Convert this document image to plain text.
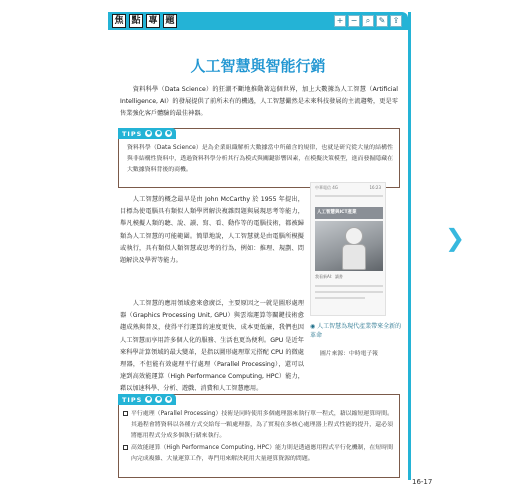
焦 點 專 題	+ −	⌕	✎ ⇪
❯
人工智慧與智能行銷

　　資料科學（Data Science）的狂潮不斷地推動著這個世界，加上大數據為人工智慧（Artificial Intelligence, AI）的發展提供了前所未有的機遇，人工智慧儼然是未來科技發展的主流趨勢，更是零售業強化客戶體驗的最佳神器。

TIPS ● ● ●

資料科學（Data Science）是為企業組織解析大數據當中所蘊含的規律，也就是研究從大量的結構性與非結構性資料中，透過資料科學分析其行為模式與關鍵影響因素，在模擬決策模型，進而發掘隱藏在大數據資料背後的商機。

　　人工智慧的概念最早是由 John McCarthy 於 1955 年提出，目標為使電腦具有類似人類學習解決複雜問題與展現思考等能力，舉凡模擬人類的聽、說、讀、寫、看、動作等的電腦技術，都被歸類為人工智慧的可能範圍。簡單地說，人工智慧就是由電腦所模擬或執行，具有類似人類智慧或思考的行為，例如：推理、規劃、問題解決及學習等能力。

　　人工智慧的應用領域愈來愈廣泛，主要原因之一就是圖形處理器（Graphics Processing Unit, GPU）與雲端運算等關鍵技術愈趨成熟與普及，使得平行運算的速度更快、成本更低廉，我們也因人工智慧而享用許多個人化的服務、生活也更為便利。GPU 是近年來科學計算領域的最大變革，是指以圖形處理單元搭配 CPU 的微處理器，不但能有效處理平行處理（Parallel Processing），還可以達到高效能運算（High Performance Computing, HPC）能力，藉以加速科學、分析、遊戲、消費和人工智慧應用。

中華電信 4G	16:23
人工智慧與ICT產業
我看新AI：讀書

◉ 人工智慧為現代產業帶來全新的革命

圖片來源：中時電子報

TIPS ● ● ●

平行處理（Parallel Processing）技術是同時使用多個處理器來執行單一程式，藉以縮短運算時間。其過程會將資料以各種方式交給每一顆處理器，為了實現在多核心處理器上程式性能的提升，還必須將應用程式分成多個執行緒來執行。

高效能運算（High Performance Computing, HPC）能力則是透過應用程式平行化機制，在短時間內完成複雜、大量運算工作，專門用來解決耗用大量運算資源的問題。

16-17
